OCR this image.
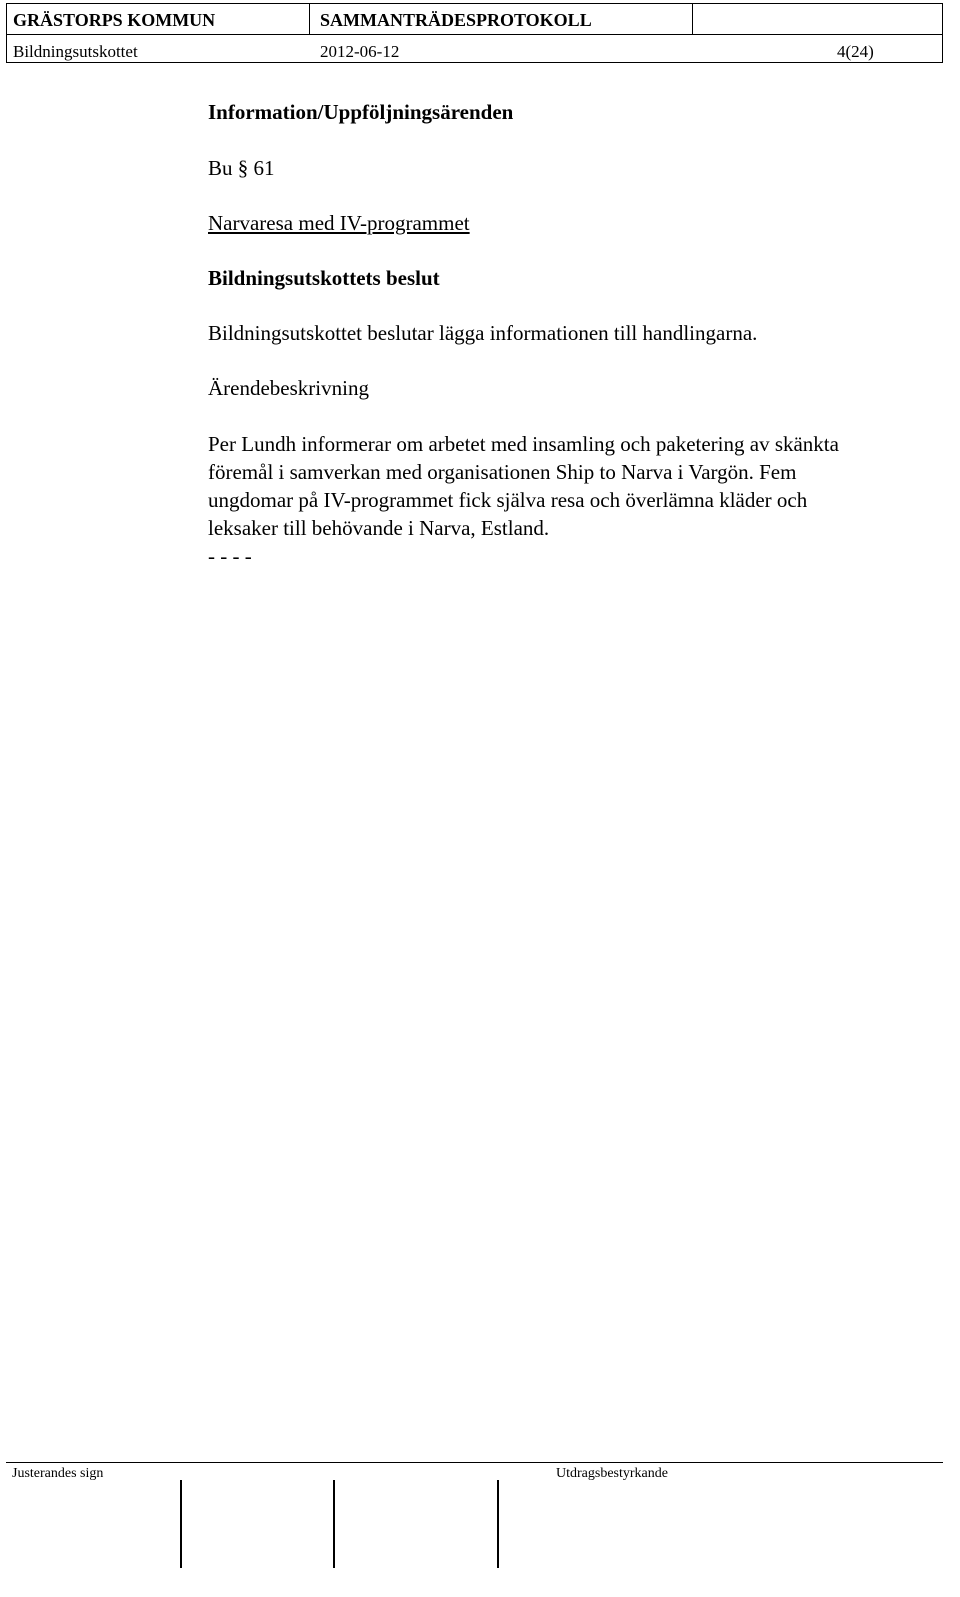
GRÄSTORPS KOMMUN	SAMMANTRÄDESPROTOKOLL
Bildningsutskottet	2012-06-12	4(24)
Information/Uppföljningsärenden
Bu § 61
Narvaresa med IV-programmet
Bildningsutskottets beslut
Bildningsutskottet beslutar lägga informationen till handlingarna.
Ärendebeskrivning
Per Lundh informerar om arbetet med insamling och paketering av skänkta
föremål i samverkan med organisationen Ship to Narva i Vargön. Fem
ungdomar på IV-programmet fick själva resa och överlämna kläder och
leksaker till behövande i Narva, Estland.
- - - -
Justerandes sign	Utdragsbestyrkande
